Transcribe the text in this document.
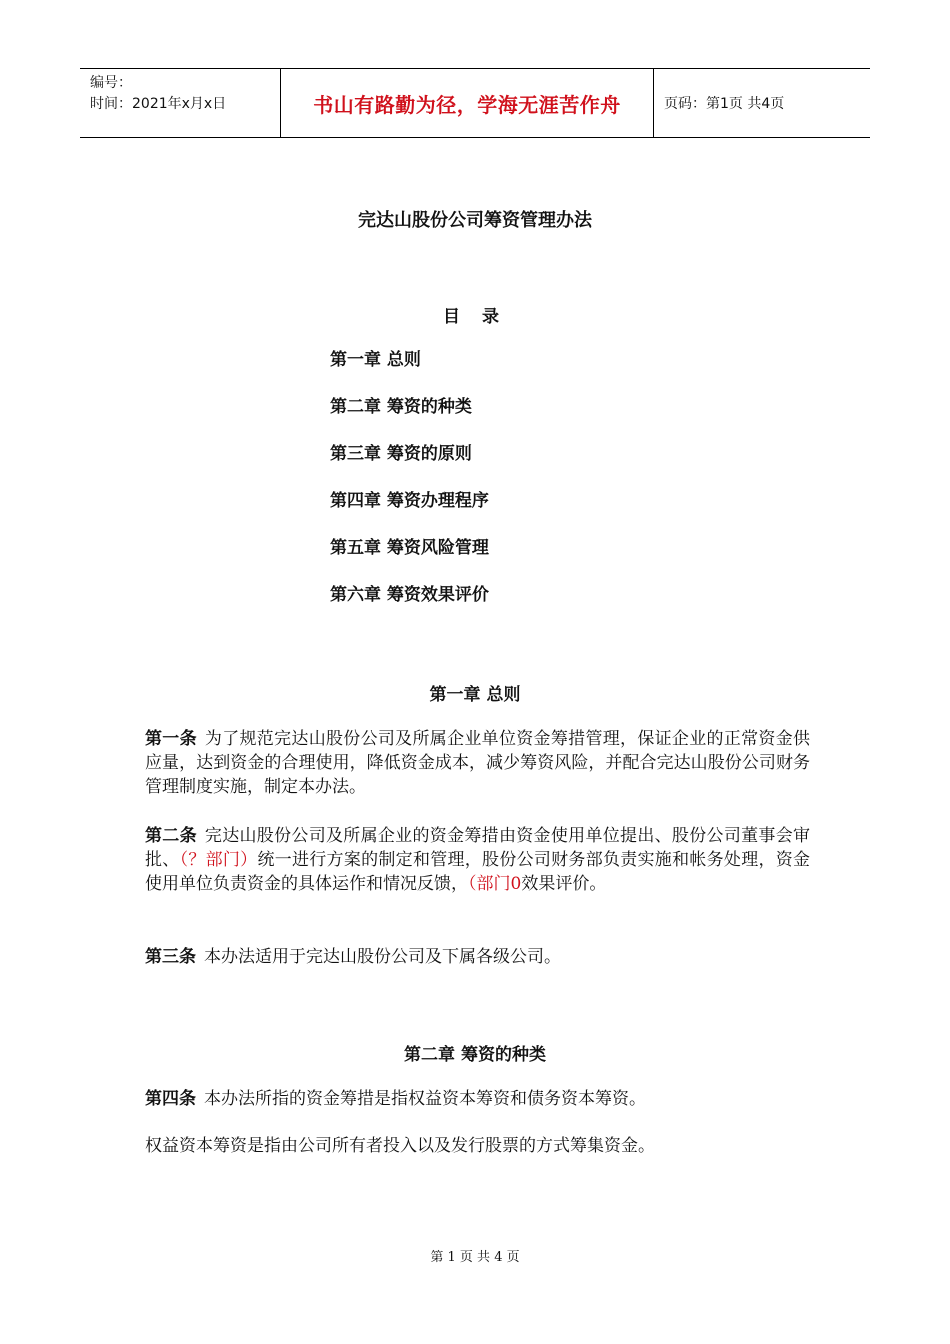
编号：
时间：2021年x月x日	书山有路勤为径，学海无涯苦作舟	页码：第1页 共4页
完达山股份公司筹资管理办法
目 录
第一章 总则
第二章 筹资的种类
第三章 筹资的原则
第四章 筹资办理程序
第五章 筹资风险管理
第六章 筹资效果评价
第一章 总则
第一条 为了规范完达山股份公司及所属企业单位资金筹措管理，保证企业的正常资金供应量，达到资金的合理使用，降低资金成本，减少筹资风险，并配合完达山股份公司财务管理制度实施，制定本办法。
第二条 完达山股份公司及所属企业的资金筹措由资金使用单位提出、股份公司董事会审批、（？部门）统一进行方案的制定和管理，股份公司财务部负责实施和帐务处理，资金使用单位负责资金的具体运作和情况反馈，（部门0效果评价。
第三条 本办法适用于完达山股份公司及下属各级公司。
第二章 筹资的种类
第四条 本办法所指的资金筹措是指权益资本筹资和债务资本筹资。
权益资本筹资是指由公司所有者投入以及发行股票的方式筹集资金。
第 1 页 共 4 页
